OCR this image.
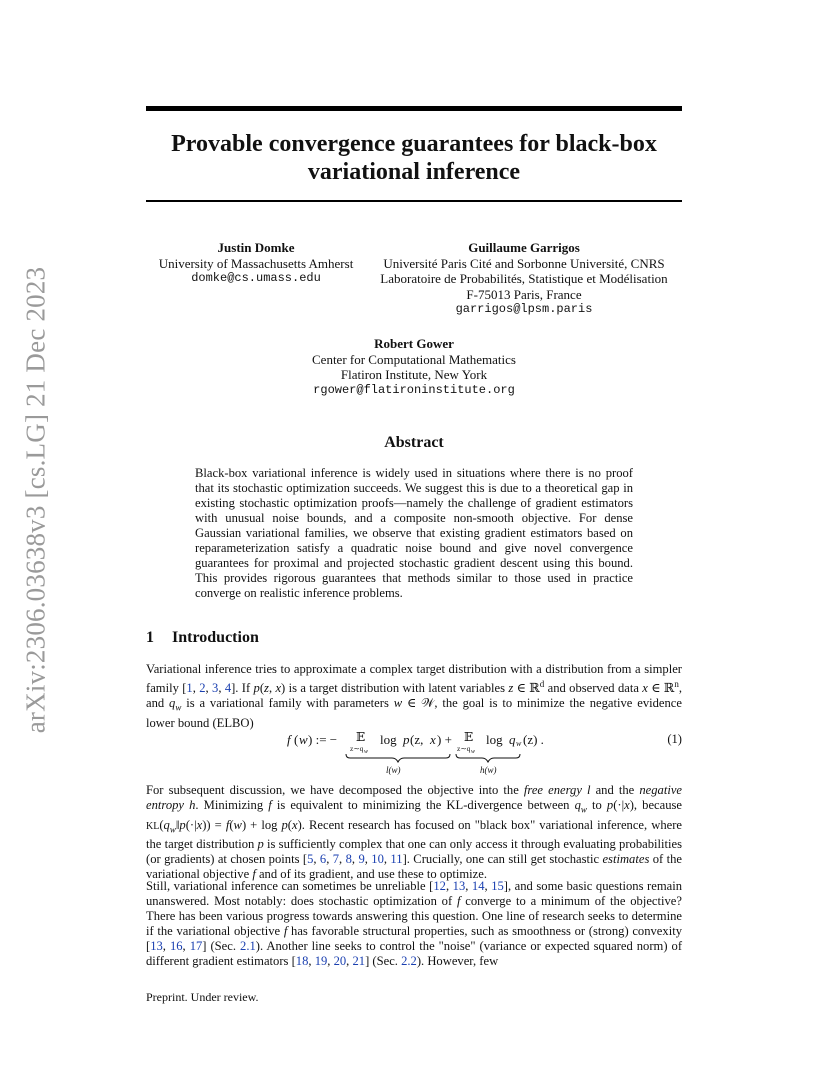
arXiv:2306.03638v3 [cs.LG] 21 Dec 2023
Provable convergence guarantees for black-box
variational inference
Justin Domke
University of Massachusetts Amherst
domke@cs.umass.edu
Guillaume Garrigos
Université Paris Cité and Sorbonne Université, CNRS
Laboratoire de Probabilités, Statistique et Modélisation
F-75013 Paris, France
garrigos@lpsm.paris
Robert Gower
Center for Computational Mathematics
Flatiron Institute, New York
rgower@flatironinstitute.org
Abstract
Black-box variational inference is widely used in situations where there is no proof that its stochastic optimization succeeds. We suggest this is due to a theoretical gap in existing stochastic optimization proofs—namely the challenge of gradient estimators with unusual noise bounds, and a composite non-smooth objective. For dense Gaussian variational families, we observe that existing gradient estimators based on reparameterization satisfy a quadratic noise bound and give novel convergence guarantees for proximal and projected stochastic gradient descent using this bound. This provides rigorous guarantees that methods similar to those used in practice converge on realistic inference problems.
1 Introduction
Variational inference tries to approximate a complex target distribution with a distribution from a simpler family [1, 2, 3, 4]. If p(z, x) is a target distribution with latent variables z ∈ ℝ$^d$ and observed data x ∈ ℝ$^n$, and $q_w$ is a variational family with parameters w ∈ 𝒲, the goal is to minimize the negative evidence lower bound (ELBO)
f ( w ) := − 𝔼
z∼q w
log p (z, x ) + 𝔼
z∼q w
log q w (z) .
l(w)	h(w)
(1)
For subsequent discussion, we have decomposed the objective into the free energy l and the negative entropy h. Minimizing f is equivalent to minimizing the KL-divergence between $q_w$ to p(·|x), because $KL(q_w‖p(\cdot|x)) = f(w) + \log p(x)$. Recent research has focused on "black box" variational inference, where the target distribution p is sufficiently complex that one can only access it through evaluating probabilities (or gradients) at chosen points [5, 6, 7, 8, 9, 10, 11]. Crucially, one can still get stochastic estimates of the variational objective f and of its gradient, and use these to optimize.
Still, variational inference can sometimes be unreliable [12, 13, 14, 15], and some basic questions remain unanswered. Most notably: does stochastic optimization of f converge to a minimum of the objective? There has been various progress towards answering this question. One line of research seeks to determine if the variational objective f has favorable structural properties, such as smoothness or (strong) convexity [13, 16, 17] (Sec. 2.1). Another line seeks to control the "noise" (variance or expected squared norm) of different gradient estimators [18, 19, 20, 21] (Sec. 2.2). However, few
Preprint. Under review.
